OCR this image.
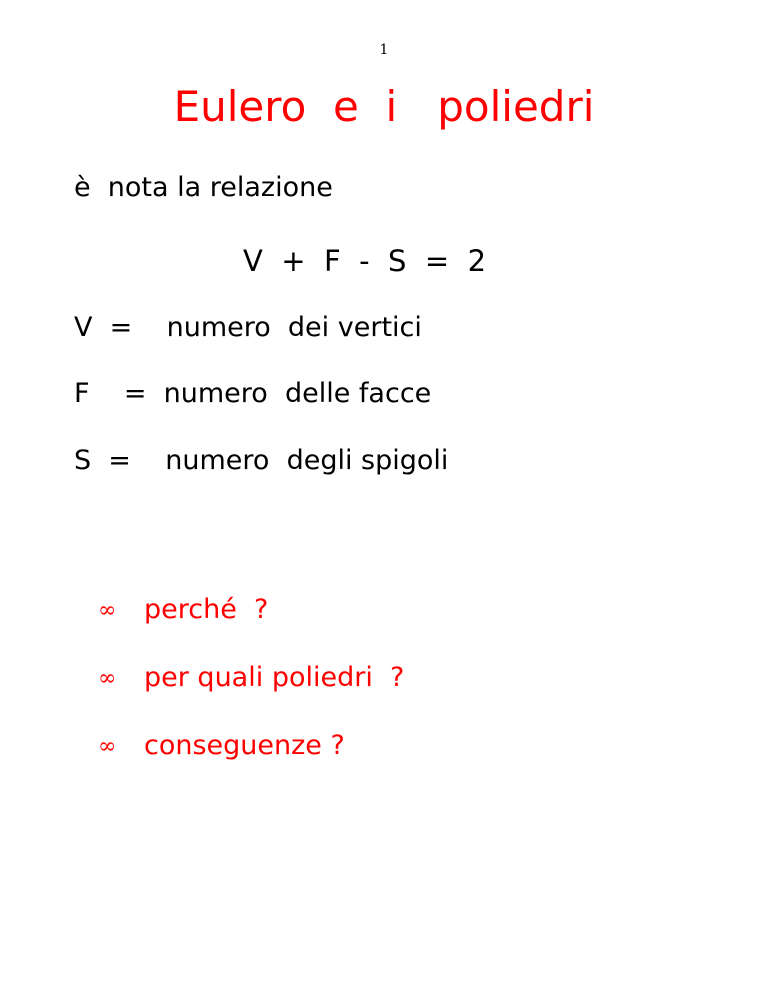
1
Eulero  e  i   poliedri
è  nota la relazione
V  +  F  -  S  =  2
V  =    numero  dei vertici
F    =  numero  delle facce
S  =    numero  degli spigoli
∞	perché  ?
∞	per quali poliedri  ?
∞	conseguenze ?
